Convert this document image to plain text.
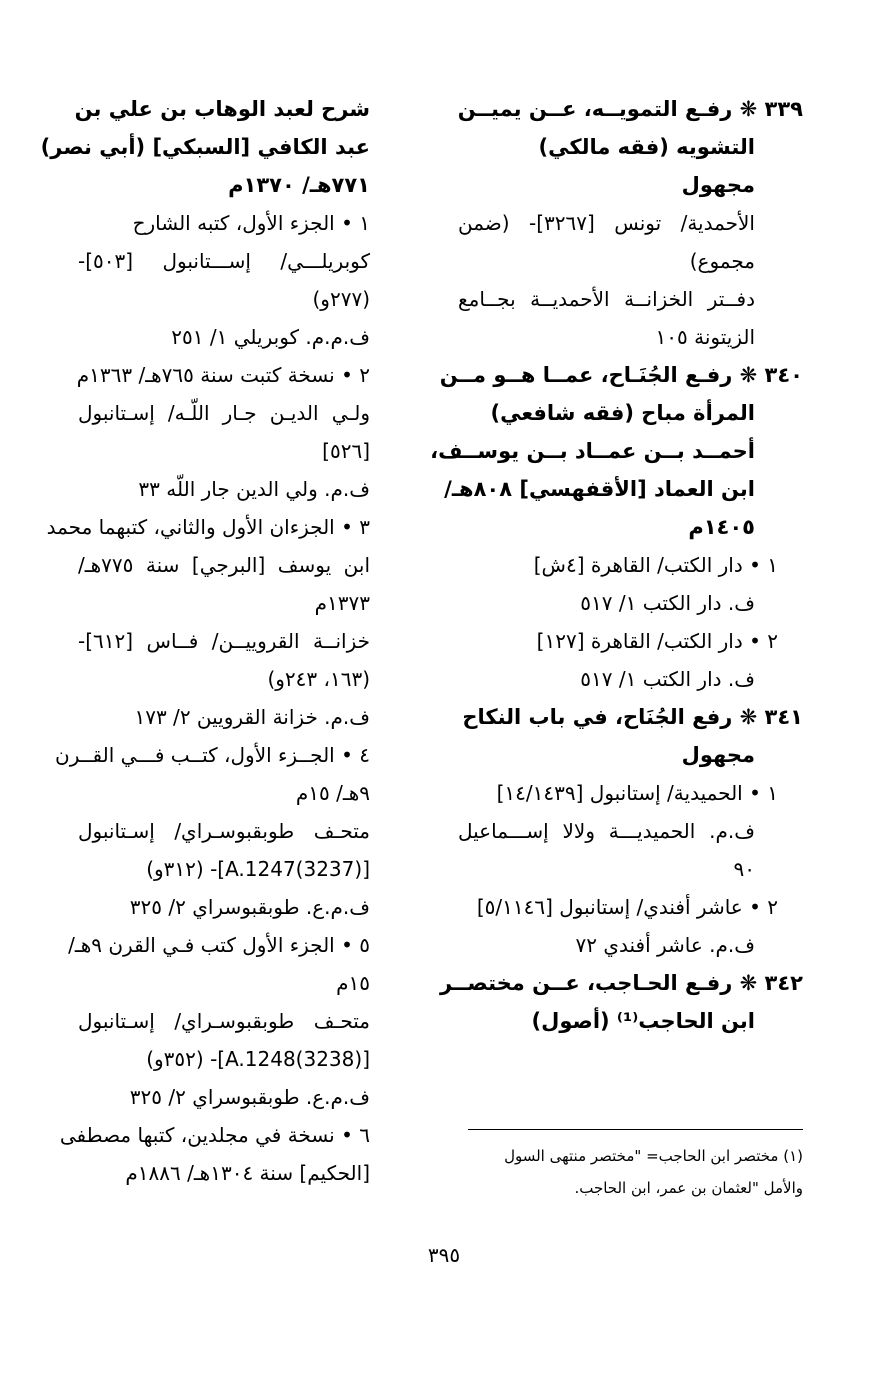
٣٣٩ ❋ رفـع التمويــه، عــن يميــن
التشويه (فقه مالكي)
مجهول
الأحمدية/ تونس [٣٢٦٧]- (ضمن
مجموع)
دفــتر الخزانــة الأحمديــة بجــامع
الزيتونة ١٠٥
٣٤٠ ❋ رفـع الجُنَـاح، عمــا هــو مــن
المرأة مباح (فقه شافعي)
أحمــد بــن عمــاد بــن يوســف،
ابن العماد [الأقفهسي] ٨٠٨هـ/
١٤٠٥م
١ • دار الكتب/ القاهرة [٤ش]
ف. دار الكتب ١/ ٥١٧
٢ • دار الكتب/ القاهرة [١٢٧]
ف. دار الكتب ١/ ٥١٧
٣٤١ ❋ رفع الجُنَاح، في باب النكاح
مجهول
١ • الحميدية/ إستانبول [١٤/١٤٣٩]
ف.م. الحميديـــة ولالا إســـماعيل
٩٠
٢ • عاشر أفندي/ إستانبول [٥/١١٤٦]
ف.م. عاشر أفندي ٧٢
٣٤٢ ❋ رفـع الحـاجب، عــن مختصــر
ابن الحاجب⁽¹⁾ (أصول)
شرح لعبد الوهاب بن علي بن
عبد الكافي [السبكي] (أبي نصر)
٧٧١هـ/ ١٣٧٠م
١ • الجزء الأول، كتبه الشارح
كوبريلـــي/ إســـتانبول [٥٠٣]-
(٢٧٧و)
ف.م.م. كوبريلي ١/ ٢٥١
٢ • نسخة كتبت سنة ٧٦٥هـ/ ١٣٦٣م
ولـي الديـن جـار اللّـه/ إسـتانبول
[٥٢٦]
ف.م. ولي الدين جار اللّه ٣٣
٣ • الجزءان الأول والثاني، كتبهما محمد
ابن يوسف [البرجي] سنة ٧٧٥هـ/
١٣٧٣م
خزانــة القروييــن/ فــاس [٦١٢]-
(١٦٣، ٢٤٣و)
ف.م. خزانة القرويين ٢/ ١٧٣
٤ • الجــزء الأول، كتــب فـــي القــرن
٩هـ/ ١٥م
متحـف طوبقبوسـراي/ إسـتانبول
[A.1247(3237)]- (٣١٢و)
ف.م.ع. طوبقبوسراي ٢/ ٣٢٥
٥ • الجزء الأول كتب فـي القرن ٩هـ/
١٥م
متحـف طوبقبوسـراي/ إسـتانبول
[A.1248(3238)]- (٣٥٢و)
ف.م.ع. طوبقبوسراي ٢/ ٣٢٥
٦ • نسخة في مجلدين، كتبها مصطفى
[الحكيم] سنة ١٣٠٤هـ/ ١٨٨٦م
(١) مختصر ابن الحاجب= "مختصر منتهى السول
والأمل "لعثمان بن عمر، ابن الحاجب.
٣٩٥
